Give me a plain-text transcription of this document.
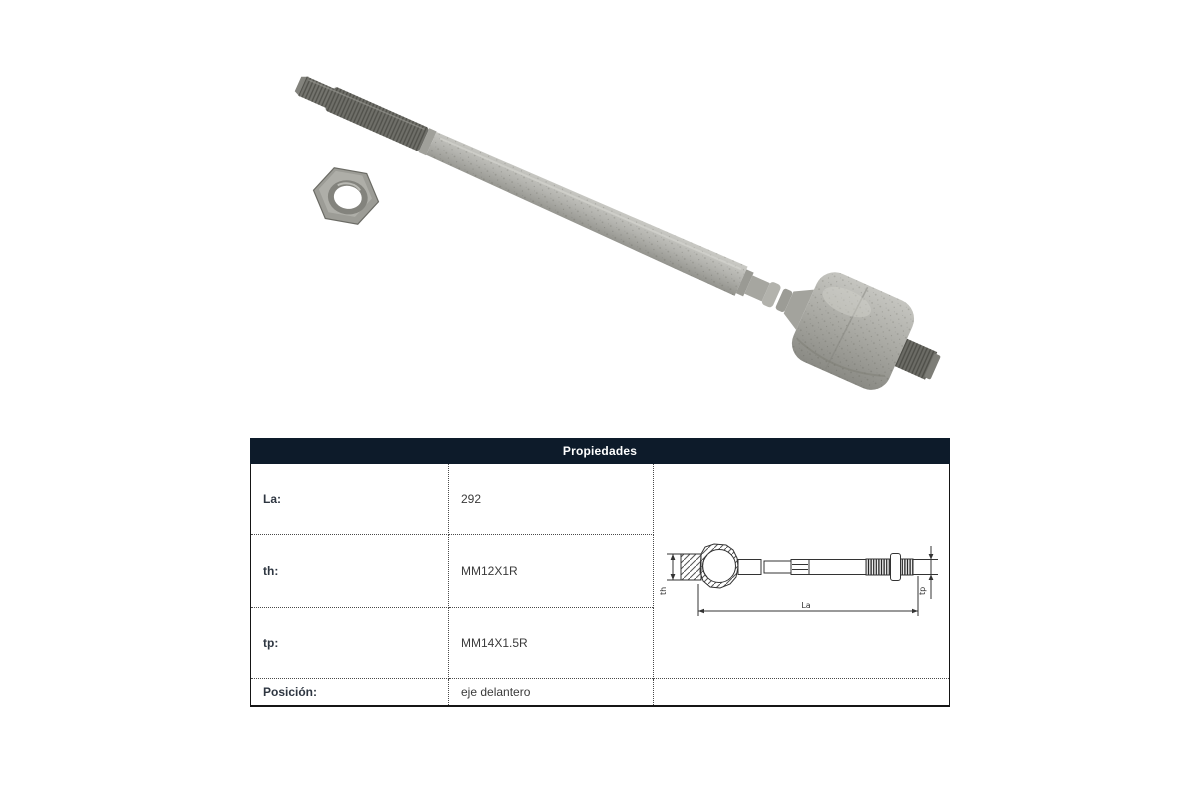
Propiedades		
La:	292	th tp
La

th:	MM12X1R	
tp:	MM14X1.5R	
Posición:	eje delantero	
